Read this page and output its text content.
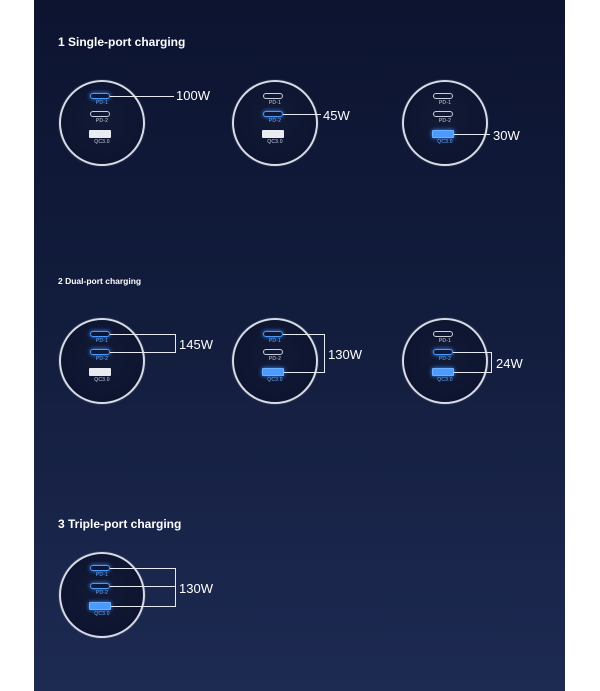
1 Single-port charging
2 Dual-port charging
3 Triple-port charging
PD-1
PD-2
QC3.0
100W	PD-1
PD-2
QC3.0
45W
PD-1
PD-2
QC3.0	30W
PD-1
PD-2
QC3.0
145W	PD-1
PD-2
QC3.0
130W
PD-1
PD-2
QC3.0
24W
PD-1
PD-2
QC3.0
130W
